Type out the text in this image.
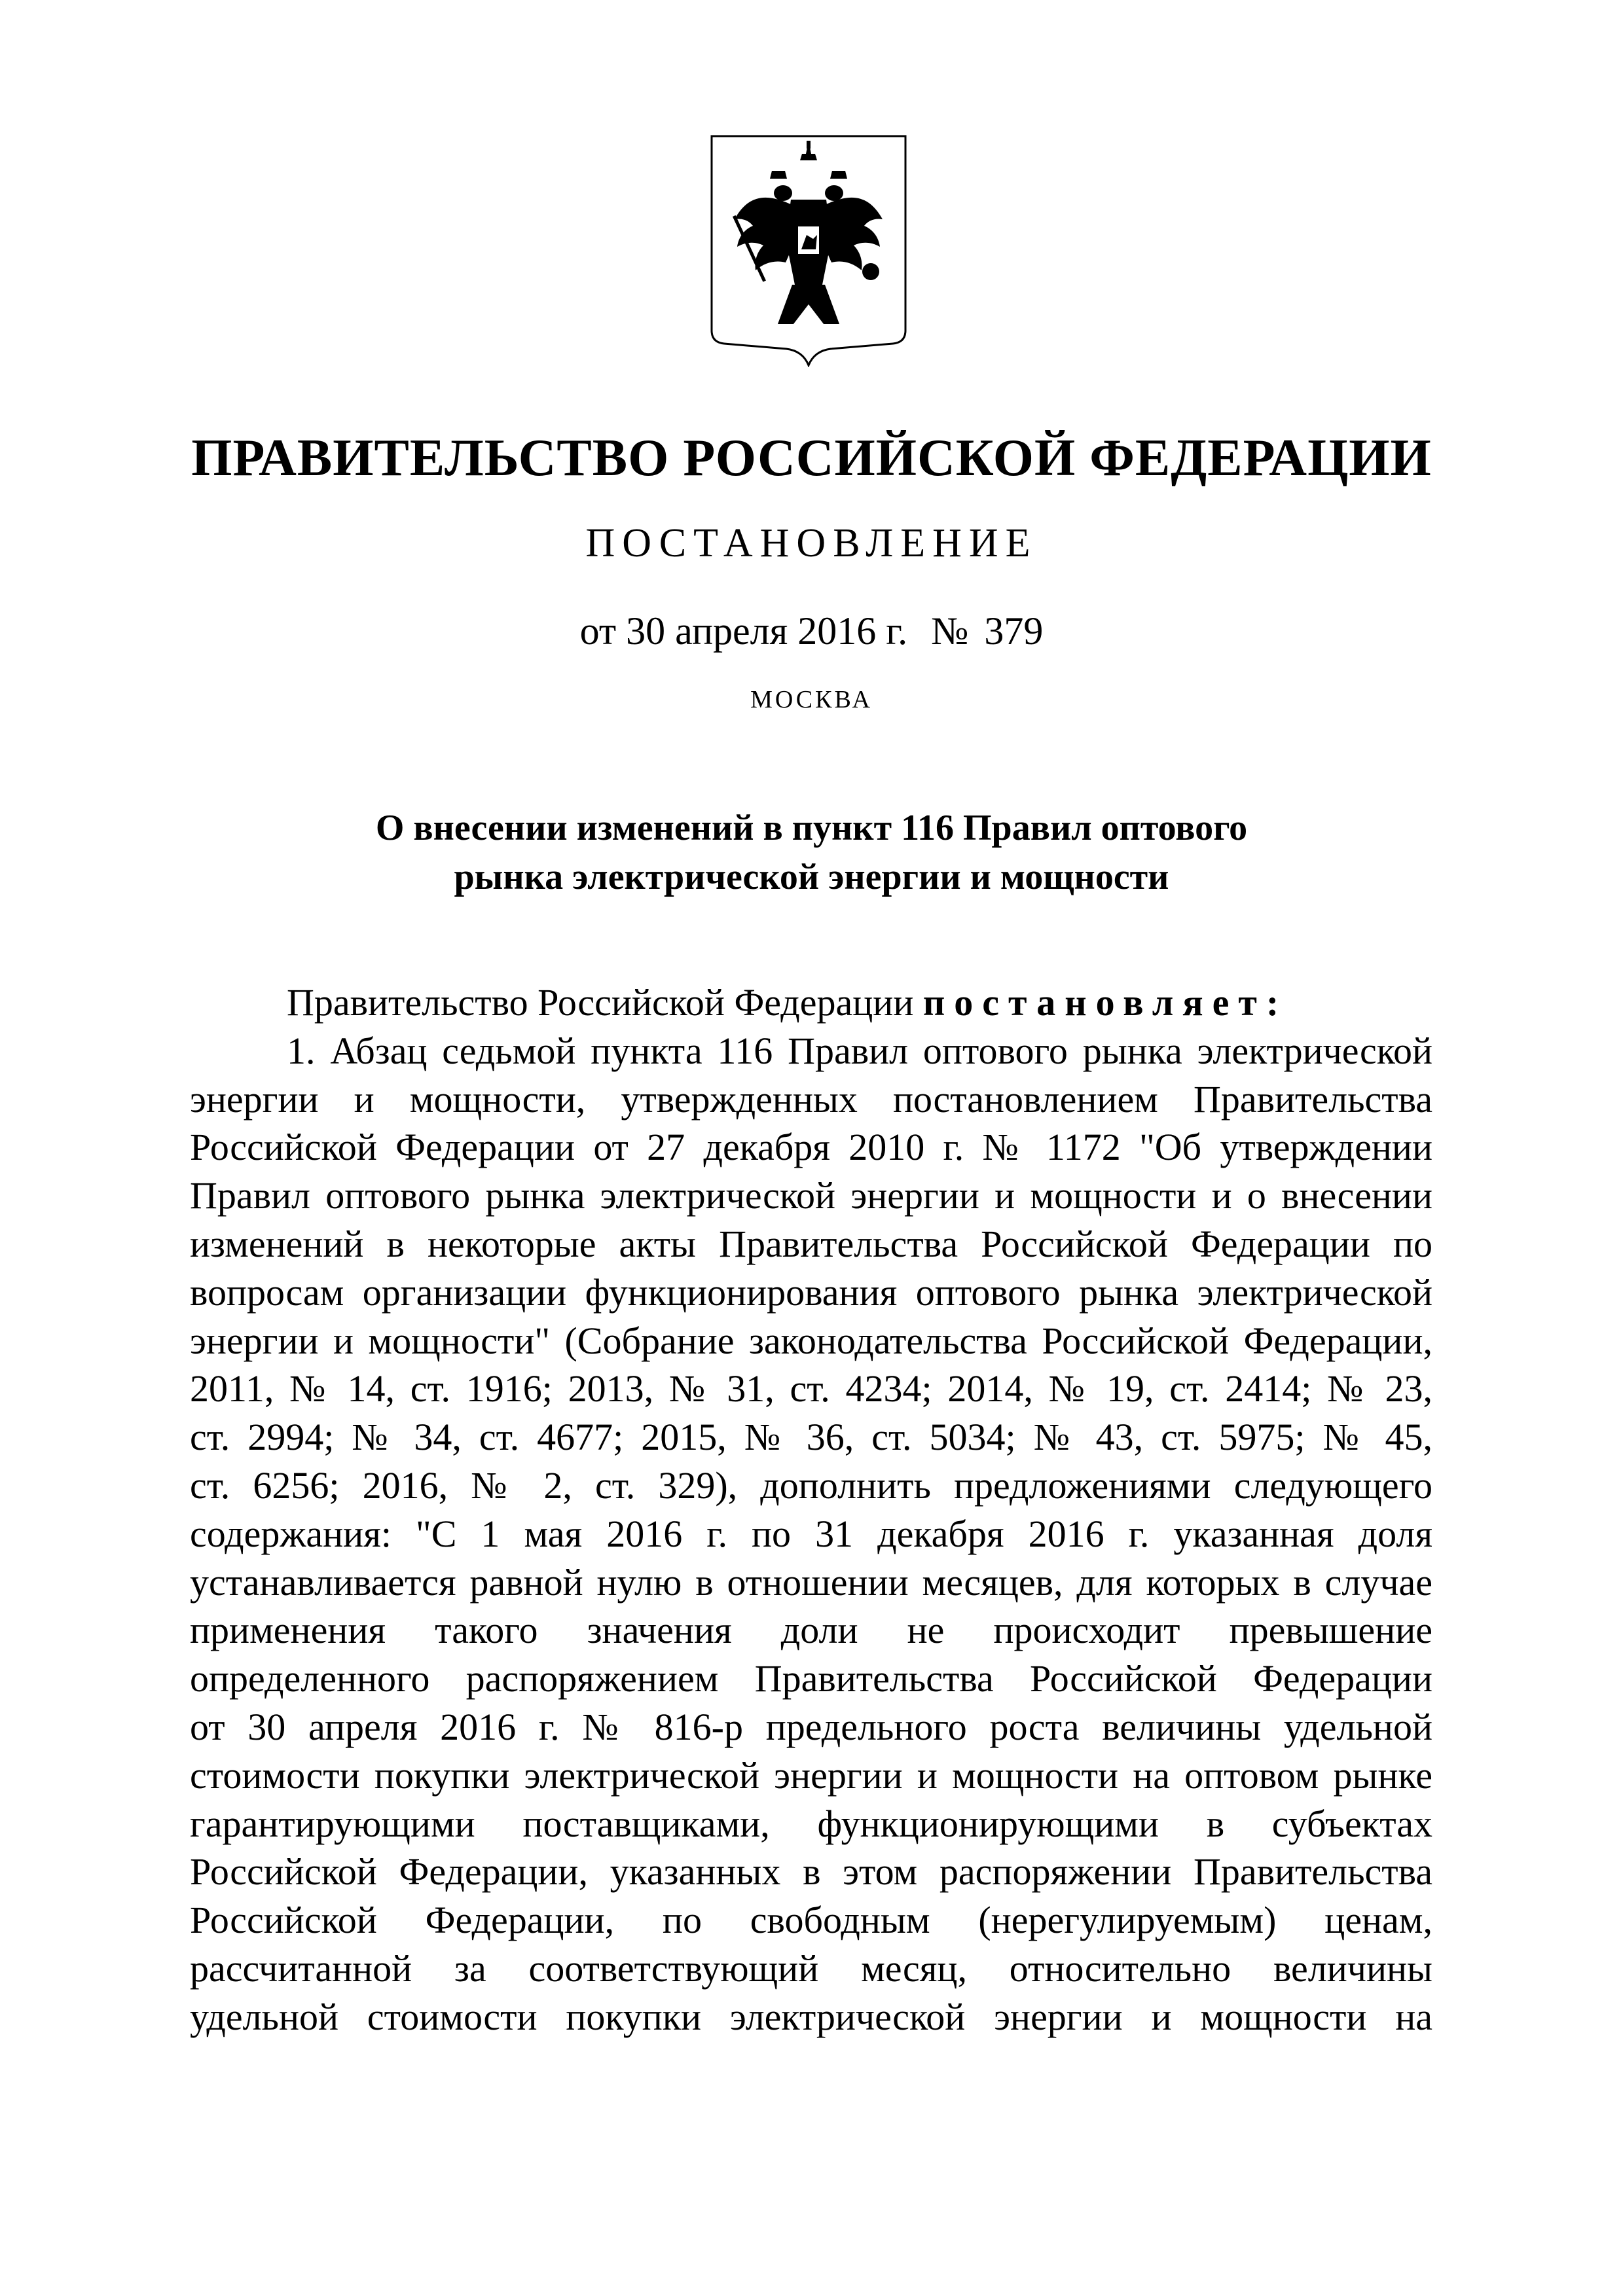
ПРАВИТЕЛЬСТВО РОССИЙСКОЙ ФЕДЕРАЦИИ
ПОСТАНОВЛЕНИЕ
от 30 апреля 2016 г. № 379
МОСКВА
О внесении изменений в пункт 116 Правил оптового
рынка электрической энергии и мощности
Правительство Российской Федерации постановляет:
1. Абзац седьмой пункта 116 Правил оптового рынка электрической
энергии и мощности, утвержденных постановлением Правительства
Российской Федерации от 27 декабря 2010 г. № 1172 "Об утверждении
Правил оптового рынка электрической энергии и мощности и о внесении
изменений в некоторые акты Правительства Российской Федерации по
вопросам организации функционирования оптового рынка электрической
энергии и мощности" (Собрание законодательства Российской Федерации,
2011, № 14, ст. 1916; 2013, № 31, ст. 4234; 2014, № 19, ст. 2414; № 23,
ст. 2994; № 34, ст. 4677; 2015, № 36, ст. 5034; № 43, ст. 5975; № 45,
ст. 6256; 2016, № 2, ст. 329), дополнить предложениями следующего
содержания: "С 1 мая 2016 г. по 31 декабря 2016 г. указанная доля
устанавливается равной нулю в отношении месяцев, для которых в случае
применения такого значения доли не происходит превышение
определенного распоряжением Правительства Российской Федерации
от 30 апреля 2016 г. № 816-р предельного роста величины удельной
стоимости покупки электрической энергии и мощности на оптовом рынке
гарантирующими поставщиками, функционирующими в субъектах
Российской Федерации, указанных в этом распоряжении Правительства
Российской Федерации, по свободным (нерегулируемым) ценам,
рассчитанной за соответствующий месяц, относительно величины
удельной стоимости покупки электрической энергии и мощности на
